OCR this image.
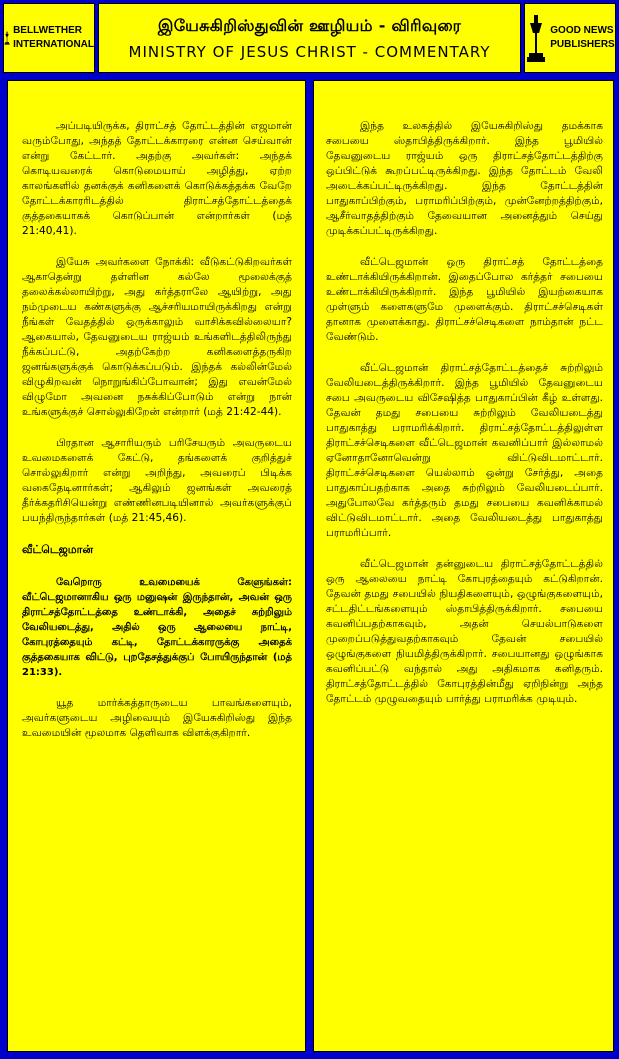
BELLWETHER
INTERNATIONAL
இயேசுகிறிஸ்துவின் ஊழியம் - விரிவுரை
MINISTRY OF JESUS CHRIST - COMMENTARY
GOOD NEWS
PUBLISHERS

அப்படியிருக்க, திராட்சத் தோட்டத்தின் எஜமான் வரும்போது, அந்தத் தோட்டக்காரரை என்ன செய்வான் என்று கேட்டார். அதற்கு அவர்கள்: அந்தக் கொடியவரைக் கொடுமையாய் அழித்து, ஏற்ற காலங்களில் தனக்குக் கனிகளைக் கொடுக்கத்தக்க வேறே தோட்டக்காரரிடத்தில் திராட்சத்தோட்டத்தைக் குத்தகையாகக் கொடுப்பான் என்றார்கள் (மத் 21:40,41).

இயேசு அவர்களை நோக்கி: வீடுகட்டுகிறவர்கள் ஆகாதென்று தள்ளின கல்லே மூலைக்குத் தலைக்கல்லாயிற்று, அது கர்த்தராலே ஆயிற்று, அது நம்முடைய கண்களுக்கு ஆச்சரியமாயிருக்கிறது என்று நீங்கள் வேதத்தில் ஒருக்காலும் வாசிக்கவில்லையா? ஆகையால், தேவனுடைய ராஜ்யம் உங்களிடத்திலிருந்து நீக்கப்பட்டு, அதற்கேற்ற கனிகளைத்தருகிற ஜனங்களுக்குக் கொடுக்கப்படும். இந்தக் கல்லின்மேல் விழுகிறவன் நொறுங்கிப்போவான்; இது எவன்மேல் விழுமோ அவனை நசுக்கிப்போடும் என்று நான் உங்களுக்குச் சொல்லுகிறேன் என்றார் (மத் 21:42-44).

பிரதான ஆசாரியரும் பரிசேயரும் அவருடைய உவமைகளைக் கேட்டு, தங்களைக் குறித்துச் சொல்லுகிறார் என்று அறிந்து, அவரைப் பிடிக்க வகைதேடினார்கள்; ஆகிலும் ஜனங்கள் அவரைத் தீர்க்கதரிசியென்று எண்ணினபடியினால் அவர்களுக்குப் பயந்திருந்தார்கள் (மத் 21:45,46).

வீட்டெஜமான்

வேறொரு உவமையைக் கேளுங்கள்: வீட்டெஜமானாகிய ஒரு மனுஷன் இருந்தான், அவன் ஒரு திராட்சத்தோட்டத்தை உண்டாக்கி, அதைச் சுற்றிலும் வேலியடைத்து, அதில் ஒரு ஆலையை நாட்டி, கோபுரத்தையும் கட்டி, தோட்டக்காரருக்கு அதைக் குத்தகையாக விட்டு, புறதேசத்துக்குப் போயிருந்தான் (மத் 21:33).

யூத மார்க்கத்தாருடைய பாவங்களையும், அவர்களுடைய அழிவையும் இயேசுகிறிஸ்து இந்த உவமையின் மூலமாக தெளிவாக விளக்குகிறார்.

இந்த உலகத்தில் இயேசுகிறிஸ்து தமக்காக சபையை ஸ்தாபித்திருக்கிறார். இந்த பூமியில் தேவனுடைய ராஜ்யம் ஒரு திராட்சத்தோட்டத்திற்கு ஒப்பிட்டுக் கூறப்பட்டிருக்கிறது. இந்த தோட்டம் வேலி அடைக்கப்பட்டிருக்கிறது. இந்த தோட்டத்தின் பாதுகாப்பிற்கும், பராமரிப்பிற்கும், முன்னேற்றத்திற்கும், ஆசீர்வாதத்திற்கும் தேவையான அனைத்தும் செய்து முடிக்கப்பட்டிருக்கிறது.

வீட்டெஜமான் ஒரு திராட்சத் தோட்டத்தை உண்டாக்கியிருக்கிறான். இதைப்போல கர்த்தர் சபையை உண்டாக்கியிருக்கிறார். இந்த பூமியில் இயற்கையாக முள்ளும் களைகளுமே முளைக்கும். திராட்சச்செடிகள் தானாக முளைக்காது. திராட்சச்செடிகளை நாம்தான் நட்ட வேண்டும்.

வீட்டெஜமான் திராட்சத்தோட்டத்தைச் சுற்றிலும் வேலியடைத்திருக்கிறார். இந்த பூமியில் தேவனுடைய சபை அவருடைய விசேஷித்த பாதுகாப்பின் கீழ் உள்ளது. தேவன் தமது சபையை சுற்றிலும் வேலியடைத்து பாதுகாத்து பராமரிக்கிறார். திராட்சத்தோட்டத்திலுள்ள திராட்சச்செடிகளை வீட்டெஜமான் கவனிப்பார் இல்லாமல் ஏனோதானோவென்று விட்டுவிடமாட்டார். திராட்சச்செடிகளை யெல்லாம் ஒன்று சேர்த்து, அதை பாதுகாப்பதற்காக அதை சுற்றிலும் வேலியடைப்பார். அதுபோலவே கர்த்தரும் தமது சபையை கவனிக்காமல் விட்டுவிடமாட்டார். அதை வேலியடைத்து பாதுகாத்து பராமரிப்பார்.

வீட்டெஜமான் தன்னுடைய திராட்சத்தோட்டத்தில் ஒரு ஆலையை நாட்டி கோபுரத்தையும் கட்டுகிறான். தேவன் தமது சபையில் நியதிகளையும், ஒழுங்குகளையும், சட்டதிட்டங்களையும் ஸ்தாபித்திருக்கிறார். சபையை கவனிப்பதற்காகவும், அதன் செயல்பாடுகளை முறைப்படுத்துவதற்காகவும் தேவன் சபையில் ஒழுங்குகளை நியமித்திருக்கிறார். சபையானது ஒழுங்காக கவனிப்பட்டு வந்தால் அது அதிகமாக கனிதரும். திராட்சத்தோட்டத்தில் கோபுரத்தின்மீது ஏறிநின்று அந்த தோட்டம் முழுவதையும் பார்த்து பராமரிக்க முடியும்.
